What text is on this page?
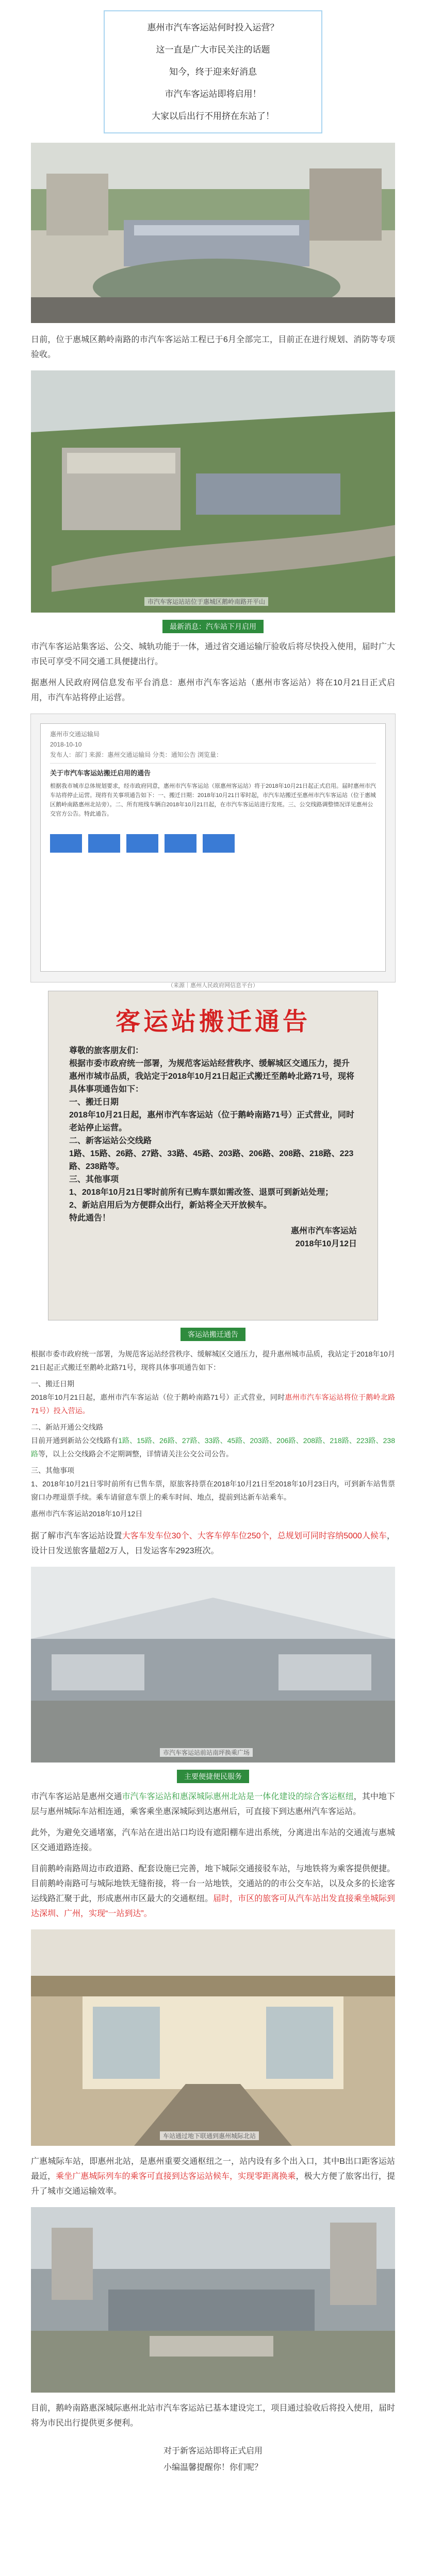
惠州市汽车客运站何时投入运营？

这一直是广大市民关注的话题

知今，终于迎来好消息

市汽车客运站即将启用！

大家以后出行不用挤在东站了！

日前，位于惠城区鹅岭南路的市汽车客运站工程已于6月全部完工，目前正在进行规划、消防等专项验收。

市汽车客运站站位于惠城区鹅岭南路开平山
最新消息：汽车站下月启用

市汽车客运站集客运、公交、城轨功能于一体，通过省交通运输厅验收后将尽快投入使用，届时广大市民可享受不同交通工具便捷出行。

据惠州人民政府网信息发布平台消息：惠州市汽车客运站（惠州市客运站）将在10月21日正式启用，市汽车站将停止运营。

惠州市交通运输局
2018-10-10
发布人：部门 来源：惠州交通运输局 分类：通知公告 浏览量：
关于市汽车客运站搬迁启用的通告
根据我市城市总体规划要求，经市政府同意，惠州市汽车客运站（原惠州客运站）将于2018年10月21日起正式启用。届时惠州市汽车站将停止运营。现将有关事项通告如下：一、搬迁日期：2018年10月21日零时起，市汽车站搬迁至惠州市汽车客运站（位于惠城区鹅岭南路惠州北站旁）。二、所有班线车辆自2018年10月21日起，在市汽车客运站进行发班。三、公交线路调整情况详见惠州公交官方公告。特此通告。
（来源｜惠州人民政府网信息平台）
客运站搬迁通告

尊敬的旅客朋友们：

根据市委市政府统一部署，为规范客运站经营秩序、缓解城区交通压力，提升惠州市城市品质，我站定于2018年10月21日起正式搬迁至鹅岭北路71号，现将具体事项通告如下：

一、搬迁日期

2018年10月21日起，惠州市汽车客运站（位于鹅岭南路71号）正式营业，同时老站停止运营。

二、新客运站公交线路

1路、15路、26路、27路、33路、45路、203路、206路、208路、218路、223路、238路等。

三、其他事项

1、2018年10月21日零时前所有已购车票如需改签、退票可到新站处理；

2、新站启用后为方便群众出行，新站将全天开放候车。

特此通告！

惠州市汽车客运站
2018年10月12日
客运站搬迁通告

根据市委市政府统一部署，为规范客运站经营秩序、缓解城区交通压力，提升惠州城市品质，我站定于2018年10月21日起正式搬迁至鹅岭北路71号，现将具体事项通告如下：

一、搬迁日期

2018年10月21日起，惠州市汽车客运站（位于鹅岭南路71号）正式营业，同时惠州市汽车客运站将位于鹅岭北路71号）投入营运。

二、新站开通公交线路

目前开通到新站公交线路有1路、15路、26路、27路、33路、45路、203路、206路、208路、218路、223路、238路等，以上公交线路会不定期调整，详情请关注公交公司公告。

三、其他事项

1、2018年10月21日零时前所有已售车票，原旅客持票在2018年10月21日至2018年10月23日内，可到新车站售票窗口办理退票手续。乘车请留意车票上的乘车时间、地点，提前到达新车站乘车。

惠州市汽车客运站2018年10月12日

据了解市汽车客运站设置大客车发车位30个、大客车停车位250个，总规划可同时容纳5000人候车，设计日发送旅客量超2万人，日发运客车2923班次。

市汽车客运站前站南坪换乘广场
主要便捷便民服务

市汽车客运站是惠州交通市汽车客运站和惠深城际惠州北站是一体化建设的综合客运枢纽，其中地下层与惠州城际车站相连通，乘客乘坐惠深城际到达惠州后，可直接下到达惠州汽车客运站。

此外，为避免交通堵塞，汽车站在进出站口均设有遮阳棚车进出系统，分离进出车站的交通流与惠城区交通道路连接。

目前鹅岭南路周边市政道路、配套设施已完善，地下城际交通接驳车站，与地铁将为乘客提供便捷。目前鹅岭南路可与城际地铁无缝衔接，将一台一站地铁，交通站的的市公交车站，以及众多的长途客运线路汇聚于此，形成惠州市区最大的交通枢纽。届时，市区的旅客可从汽车站出发直接乘坐城际到达深圳、广州，实现“一站到达”。

车站通过地下联通到惠州城际北站

广惠城际车站，即惠州北站，是惠州重要交通枢纽之一，站内设有多个出入口，其中B出口距客运站最近，乘坐广惠城际列车的乘客可直接到达客运站候车，实现零距离换乘，极大方便了旅客出行，提升了城市交通运输效率。

目前，鹅岭南路惠深城际惠州北站市汽车客运站已基本建设完工，项目通过验收后将投入使用，届时将为市民出行提供更多便利。

对于新客运站即将正式启用

小编温馨提醒你！你们呢？
